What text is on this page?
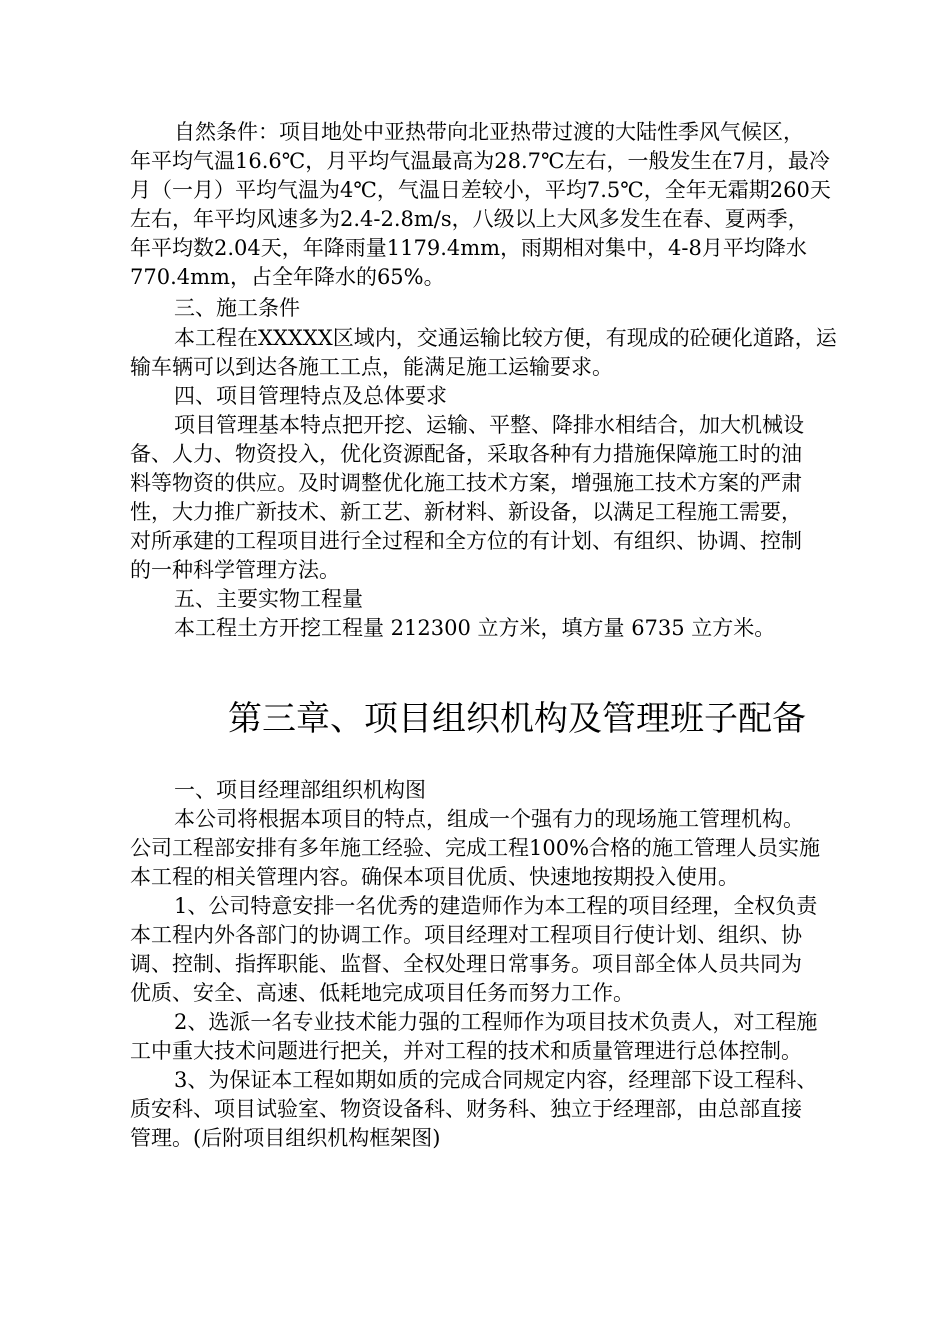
自然条件：项目地处中亚热带向北亚热带过渡的大陆性季风气候区，
年平均气温16.6℃，月平均气温最高为28.7℃左右，一般发生在7月，最冷
月（一月）平均气温为4℃，气温日差较小，平均7.5℃，全年无霜期260天
左右，年平均风速多为2.4-2.8m/s，八级以上大风多发生在春、夏两季，
年平均数2.04天，年降雨量1179.4mm，雨期相对集中，4-8月平均降水
770.4mm，占全年降水的65%。
三、施工条件
本工程在XXXXX区域内，交通运输比较方便，有现成的砼硬化道路，运
输车辆可以到达各施工工点，能满足施工运输要求。
四、项目管理特点及总体要求
项目管理基本特点把开挖、运输、平整、降排水相结合，加大机械设
备、人力、物资投入，优化资源配备，采取各种有力措施保障施工时的油
料等物资的供应。及时调整优化施工技术方案，增强施工技术方案的严肃
性，大力推广新技术、新工艺、新材料、新设备，以满足工程施工需要，
对所承建的工程项目进行全过程和全方位的有计划、有组织、协调、控制
的一种科学管理方法。
五、主要实物工程量
本工程土方开挖工程量 212300 立方米，填方量 6735 立方米。
第三章、项目组织机构及管理班子配备
一、项目经理部组织机构图
本公司将根据本项目的特点，组成一个强有力的现场施工管理机构。
公司工程部安排有多年施工经验、完成工程100%合格的施工管理人员实施
本工程的相关管理内容。确保本项目优质、快速地按期投入使用。
1、公司特意安排一名优秀的建造师作为本工程的项目经理，全权负责
本工程内外各部门的协调工作。项目经理对工程项目行使计划、组织、协
调、控制、指挥职能、监督、全权处理日常事务。项目部全体人员共同为
优质、安全、高速、低耗地完成项目任务而努力工作。
2、选派一名专业技术能力强的工程师作为项目技术负责人，对工程施
工中重大技术问题进行把关，并对工程的技术和质量管理进行总体控制。
3、为保证本工程如期如质的完成合同规定内容，经理部下设工程科、
质安科、项目试验室、物资设备科、财务科、独立于经理部，由总部直接
管理。(后附项目组织机构框架图)
